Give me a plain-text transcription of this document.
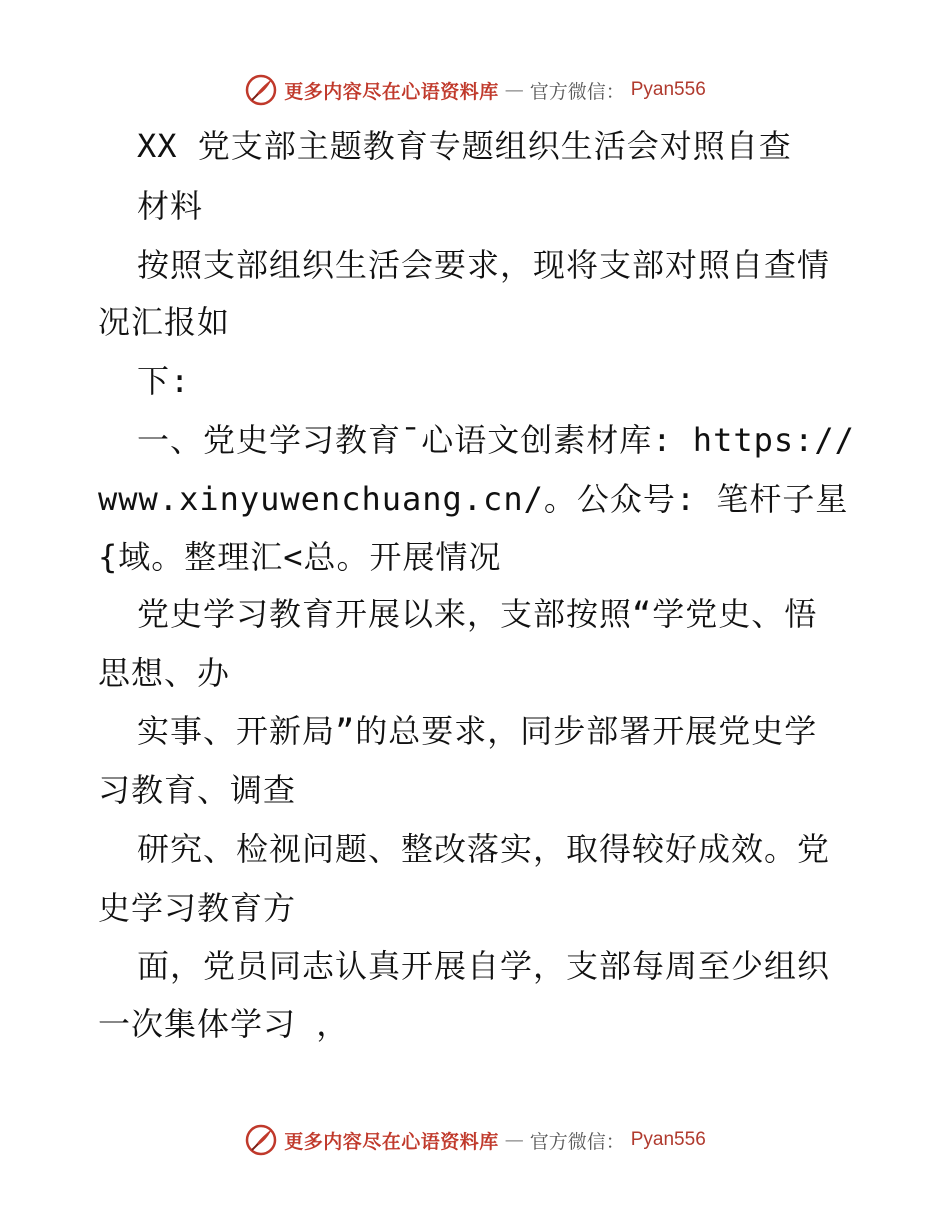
更多内容尽在心语资料库 — 官方微信： Pyan556
XX 党支部主题教育专题组织生活会对照自查
材料
按照支部组织生活会要求，现将支部对照自查情
况汇报如
下:
一、党史学习教育¯心语文创素材库: https://
www.xinyuwenchuang.cn/。公众号: 笔杆子星
{域。整理汇<总。开展情况
党史学习教育开展以来，支部按照“学党史、悟
思想、办
实事、开新局”的总要求，同步部署开展党史学
习教育、调查
研究、检视问题、整改落实，取得较好成效。党
史学习教育方
面，党员同志认真开展自学，支部每周至少组织
一次集体学习 ，
更多内容尽在心语资料库 — 官方微信： Pyan556
